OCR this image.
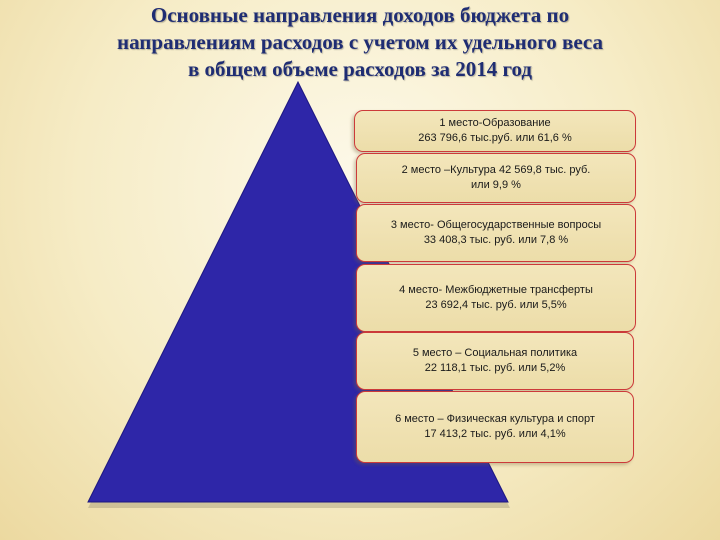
Основные направления доходов бюджета по
направлениям расходов с учетом их удельного веса
в общем объеме расходов за 2014 год
1 место-Образование
263 796,6 тыс.руб. или 61,6 %
2 место –Культура 42 569,8 тыс. руб.
или 9,9 %
3 место- Общегосударственные вопросы
33 408,3 тыс. руб. или 7,8 %
4 место- Межбюджетные трансферты
23 692,4 тыс. руб. или 5,5%
5 место – Социальная политика
22 118,1 тыс. руб. или 5,2%
6 место – Физическая культура и спорт
17 413,2 тыс. руб. или 4,1%
